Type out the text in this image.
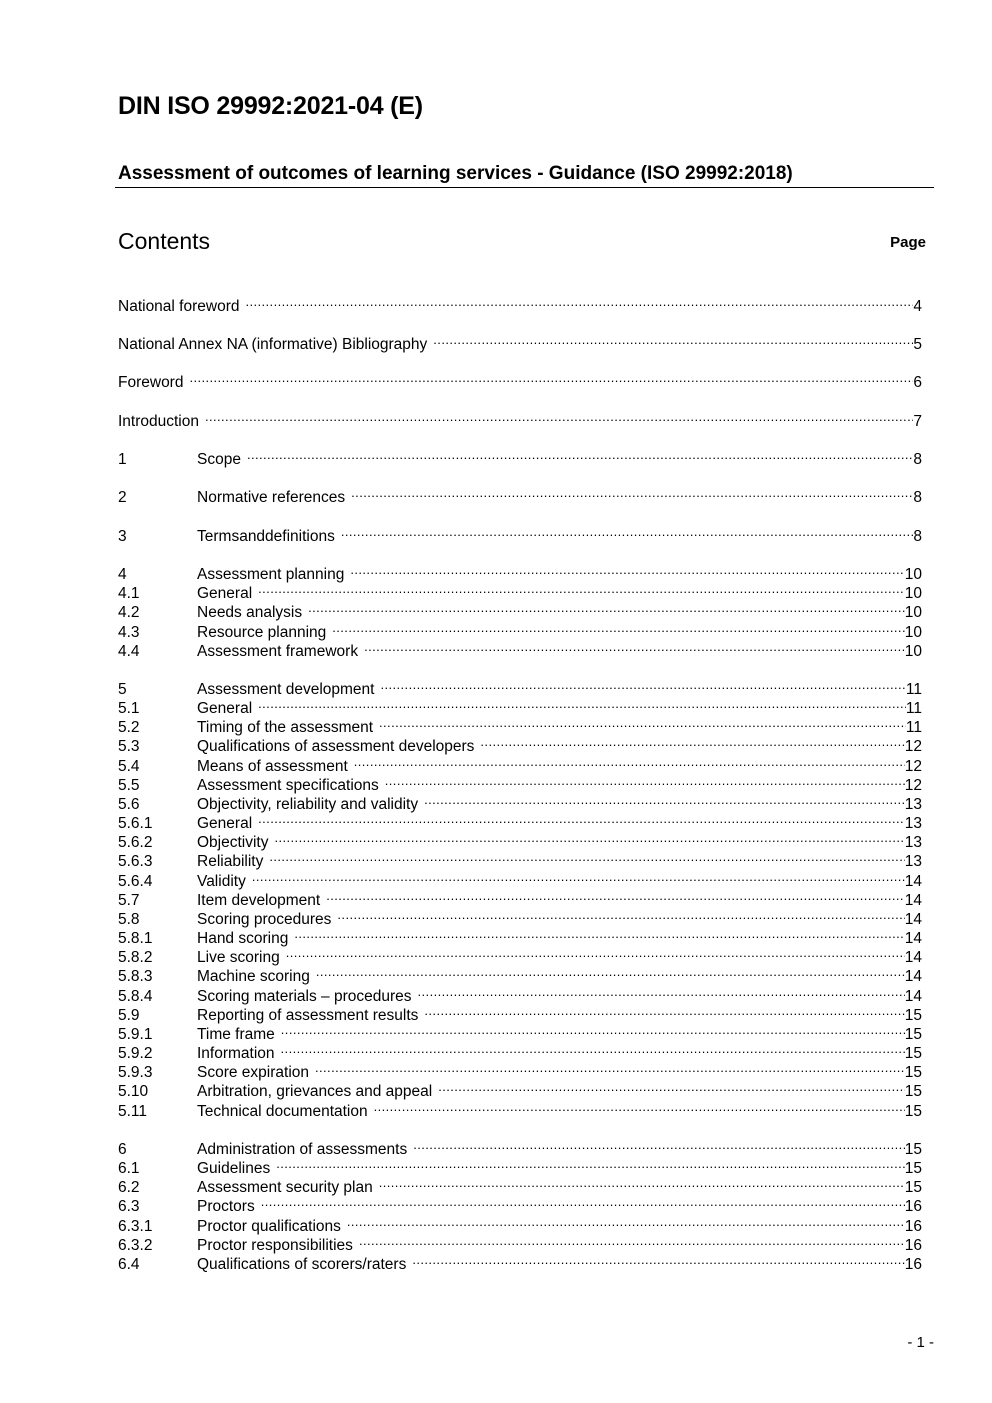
DIN ISO 29992:2021-04 (E)
Assessment of outcomes of learning services - Guidance (ISO 29992:2018)
Contents	Page
National foreword .....	4
National Annex NA (informative) Bibliography .....	5
Foreword .....	6
Introduction .....	7
1	Scope .....	8
2	Normative references .....	8
3	Termsanddefinitions .....	8
4	Assessment planning .....	10
4.1	General .....	10
4.2	Needs analysis .....	10
4.3	Resource planning .....	10
4.4	Assessment framework .....	10
5	Assessment development .....	11
5.1	General .....	11
5.2	Timing of the assessment .....	11
5.3	Qualifications of assessment developers .....	12
5.4	Means of assessment .....	12
5.5	Assessment specifications .....	12
5.6	Objectivity, reliability and validity .....	13
5.6.1	General .....	13
5.6.2	Objectivity .....	13
5.6.3	Reliability .....	13
5.6.4	Validity .....	14
5.7	Item development .....	14
5.8	Scoring procedures .....	14
5.8.1	Hand scoring .....	14
5.8.2	Live scoring .....	14
5.8.3	Machine scoring .....	14
5.8.4	Scoring materials – procedures .....	14
5.9	Reporting of assessment results .....	15
5.9.1	Time frame .....	15
5.9.2	Information .....	15
5.9.3	Score expiration .....	15
5.10	Arbitration, grievances and appeal .....	15
5.11	Technical documentation .....	15
6	Administration of assessments .....	15
6.1	Guidelines .....	15
6.2	Assessment security plan .....	15
6.3	Proctors .....	16
6.3.1	Proctor qualifications .....	16
6.3.2	Proctor responsibilities .....	16
6.4	Qualifications of scorers/raters .....	16
- 1 -
